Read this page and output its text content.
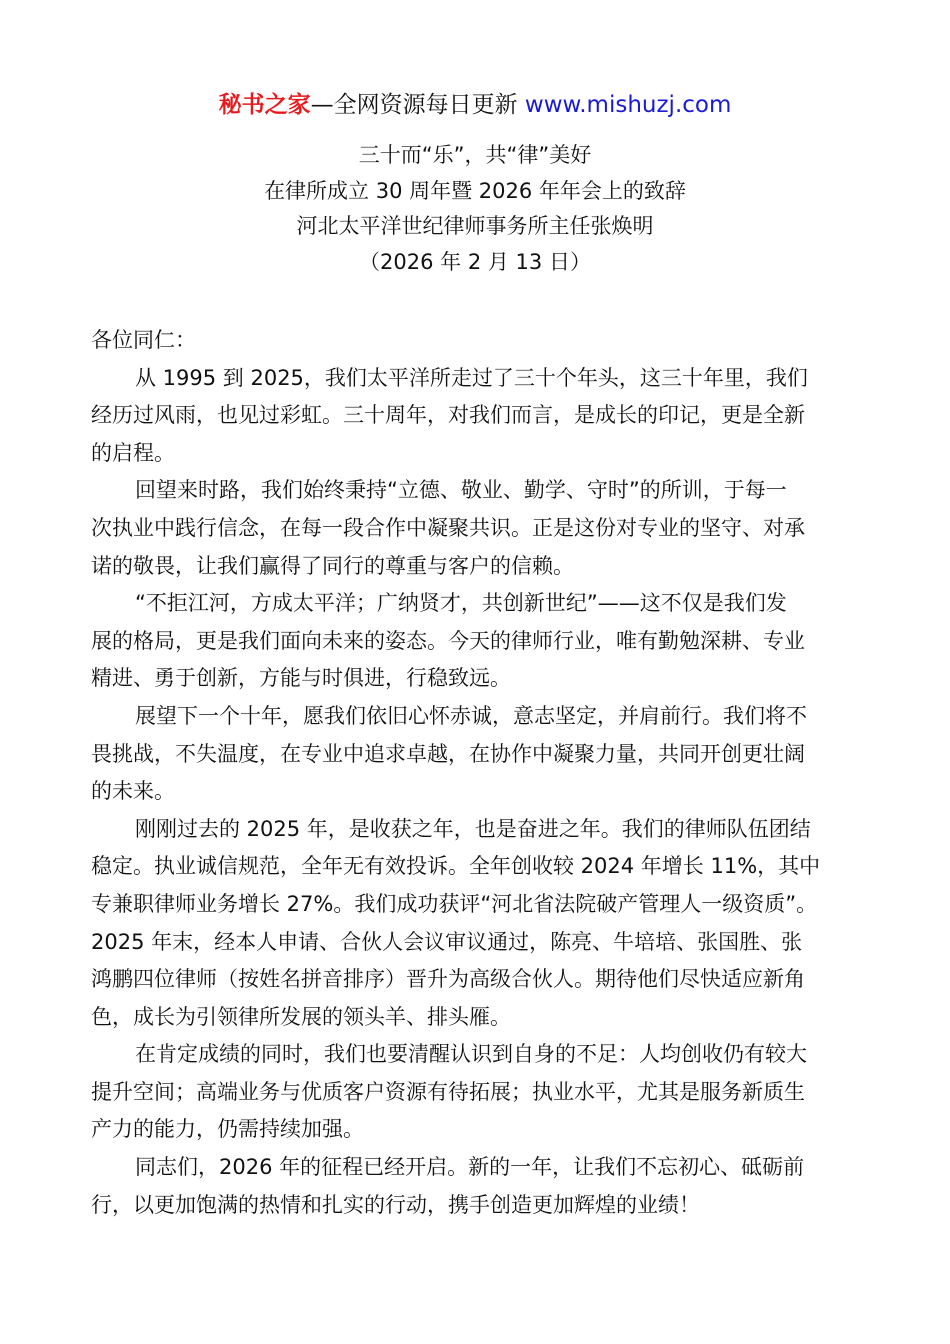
秘书之家—全网资源每日更新 www.mishuzj.com
三十而“乐”，共“律”美好
在律所成立 30 周年暨 2026 年年会上的致辞
河北太平洋世纪律师事务所主任张焕明
（2026 年 2 月 13 日）
各位同仁：
从 1995 到 2025，我们太平洋所走过了三十个年头，这三十年里，我们
经历过风雨，也见过彩虹。三十周年，对我们而言，是成长的印记，更是全新
的启程。
回望来时路，我们始终秉持“立德、敬业、勤学、守时”的所训，于每一
次执业中践行信念，在每一段合作中凝聚共识。正是这份对专业的坚守、对承
诺的敬畏，让我们赢得了同行的尊重与客户的信赖。
“不拒江河，方成太平洋；广纳贤才，共创新世纪”——这不仅是我们发
展的格局，更是我们面向未来的姿态。今天的律师行业，唯有勤勉深耕、专业
精进、勇于创新，方能与时俱进，行稳致远。
展望下一个十年，愿我们依旧心怀赤诚，意志坚定，并肩前行。我们将不
畏挑战，不失温度，在专业中追求卓越，在协作中凝聚力量，共同开创更壮阔
的未来。
刚刚过去的 2025 年，是收获之年，也是奋进之年。我们的律师队伍团结
稳定。执业诚信规范，全年无有效投诉。全年创收较 2024 年增长 11%，其中
专兼职律师业务增长 27%。我们成功获评“河北省法院破产管理人一级资质”。
2025 年末，经本人申请、合伙人会议审议通过，陈亮、牛培培、张国胜、张
鸿鹏四位律师（按姓名拼音排序）晋升为高级合伙人。期待他们尽快适应新角
色，成长为引领律所发展的领头羊、排头雁。
在肯定成绩的同时，我们也要清醒认识到自身的不足：人均创收仍有较大
提升空间；高端业务与优质客户资源有待拓展；执业水平，尤其是服务新质生
产力的能力，仍需持续加强。
同志们，2026 年的征程已经开启。新的一年，让我们不忘初心、砥砺前
行，以更加饱满的热情和扎实的行动，携手创造更加辉煌的业绩！
